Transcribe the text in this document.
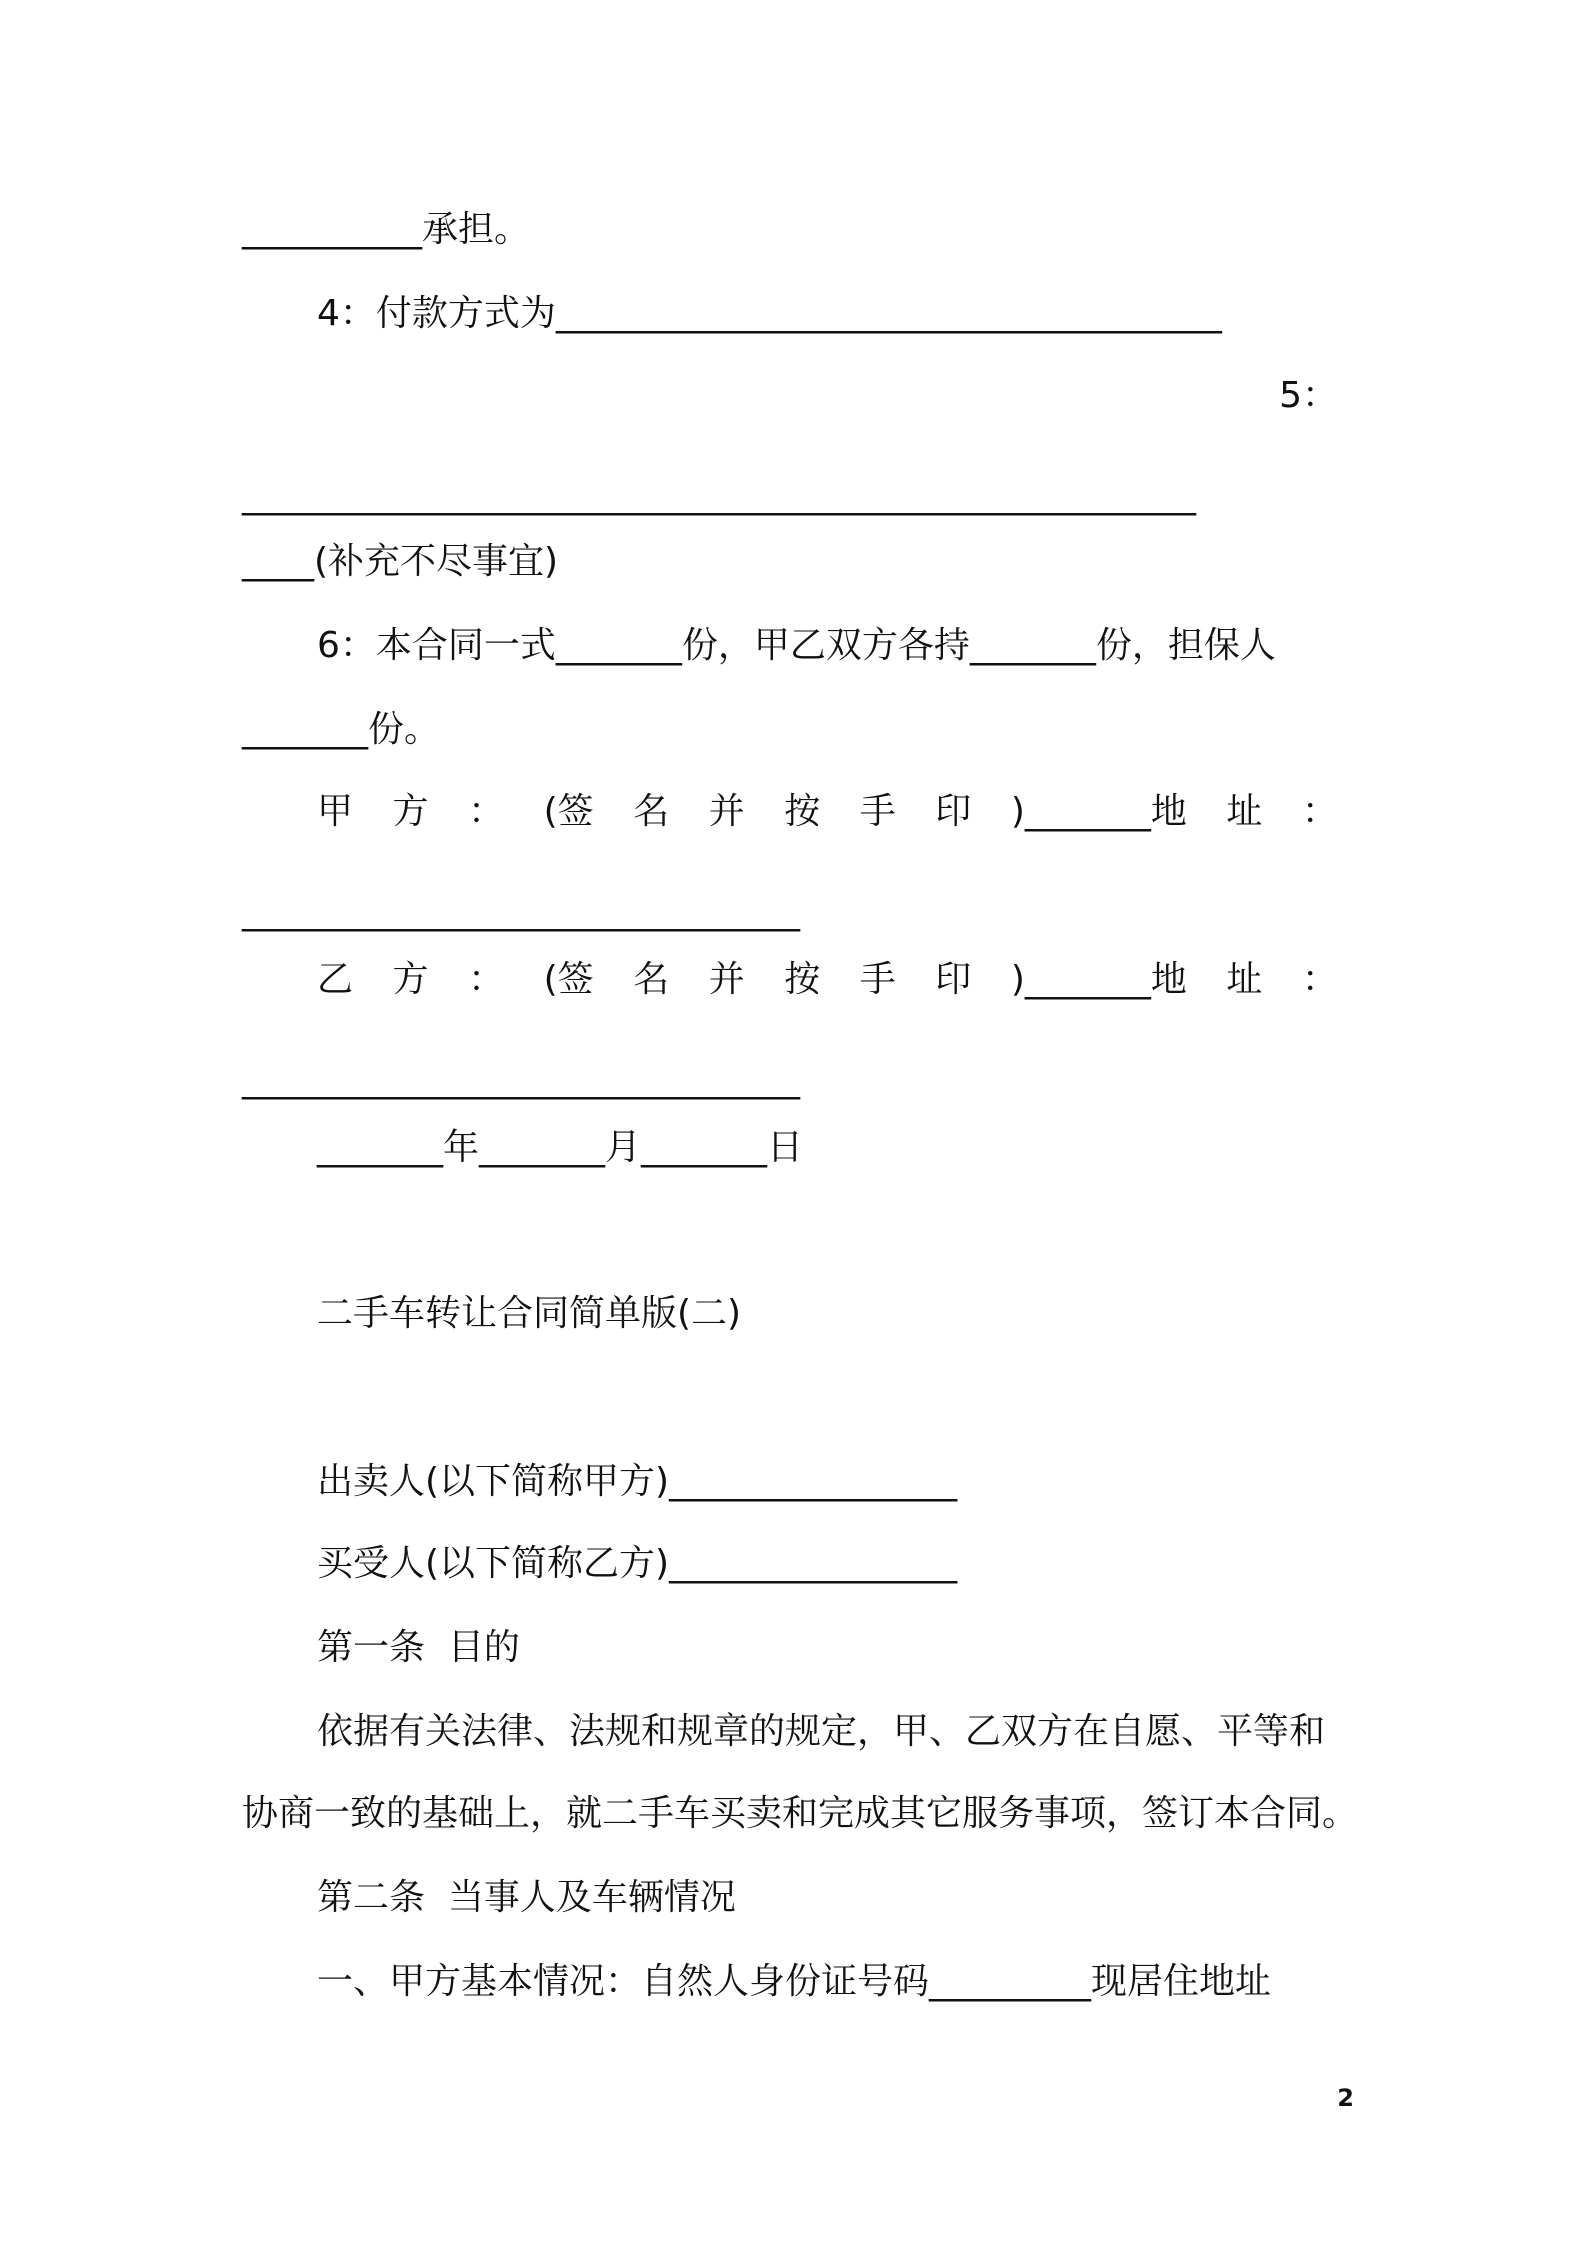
__________承担。
4：付款方式为_____________________________________
5：
_____________________________________________________
____(补充不尽事宜)
6：本合同一式_______份，甲乙双方各持_______份，担保人
_______份。
甲 方 ： (签 名 并 按 手 印 )_______地 址 ：
_______________________________
乙 方 ： (签 名 并 按 手 印 )_______地 址 ：
_______________________________
_______年_______月_______日
二手车转让合同简单版(二)
出卖人(以下简称甲方)________________
买受人(以下简称乙方)________________
第一条  目的
依据有关法律、法规和规章的规定，甲、乙双方在自愿、平等和
协商一致的基础上，就二手车买卖和完成其它服务事项，签订本合同。
第二条  当事人及车辆情况
一、甲方基本情况：自然人身份证号码_________现居住地址
2
